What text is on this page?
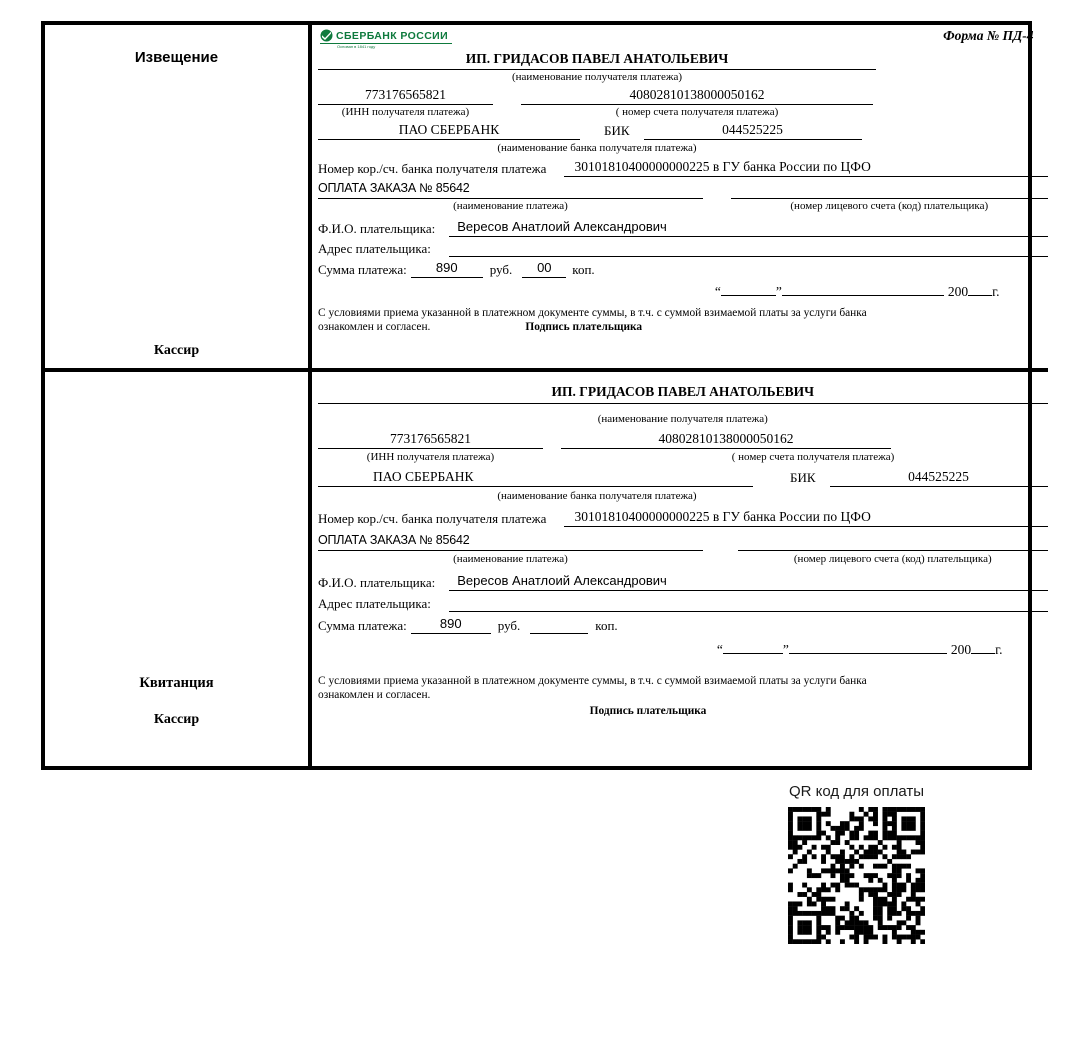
Извещение
Кассир
СБЕРБАНК РОССИИ
Основан в 1841 году
Форма № ПД-4
ИП. ГРИДАСОВ ПАВЕЛ АНАТОЛЬЕВИЧ
(наименование получателя платежа)
773176565821	40802810138000050162
(ИНН получателя платежа)	( номер счета получателя платежа)
ПАО СБЕРБАНК	БИК	044525225
(наименование банка получателя платежа)
Номер кор./сч. банка получателя платежа	30101810400000000225 в ГУ банка России по ЦФО
ОПЛАТА ЗАКАЗА № 85642
(наименование платежа)	(номер лицевого счета (код) плательщика)
Ф.И.О. плательщика:	Вересов Анатлоий Александрович
Адрес плательщика:
Сумма платежа:	890	руб.	00	коп.
“	”	200 г.
С условиями приема указанной в платежном документе суммы, в т.ч. с суммой взимаемой платы за услуги банка
ознакомлен и согласен.	Подпись плательщика
Квитанция
Кассир
ИП. ГРИДАСОВ ПАВЕЛ АНАТОЛЬЕВИЧ
(наименование получателя платежа)
773176565821	40802810138000050162
(ИНН получателя платежа)	( номер счета получателя платежа)
ПАО СБЕРБАНК	БИК	044525225
(наименование банка получателя платежа)
Номер кор./сч. банка получателя платежа	30101810400000000225 в ГУ банка России по ЦФО
ОПЛАТА ЗАКАЗА № 85642
(наименование платежа)	(номер лицевого счета (код) плательщика)
Ф.И.О. плательщика:	Вересов Анатлоий Александрович
Адрес плательщика:
Сумма платежа:	890	руб.	коп.
“	”	200 г.
С условиями приема указанной в платежном документе суммы, в т.ч. с суммой взимаемой платы за услуги банка
ознакомлен и согласен.
Подпись плательщика
QR код для оплаты
